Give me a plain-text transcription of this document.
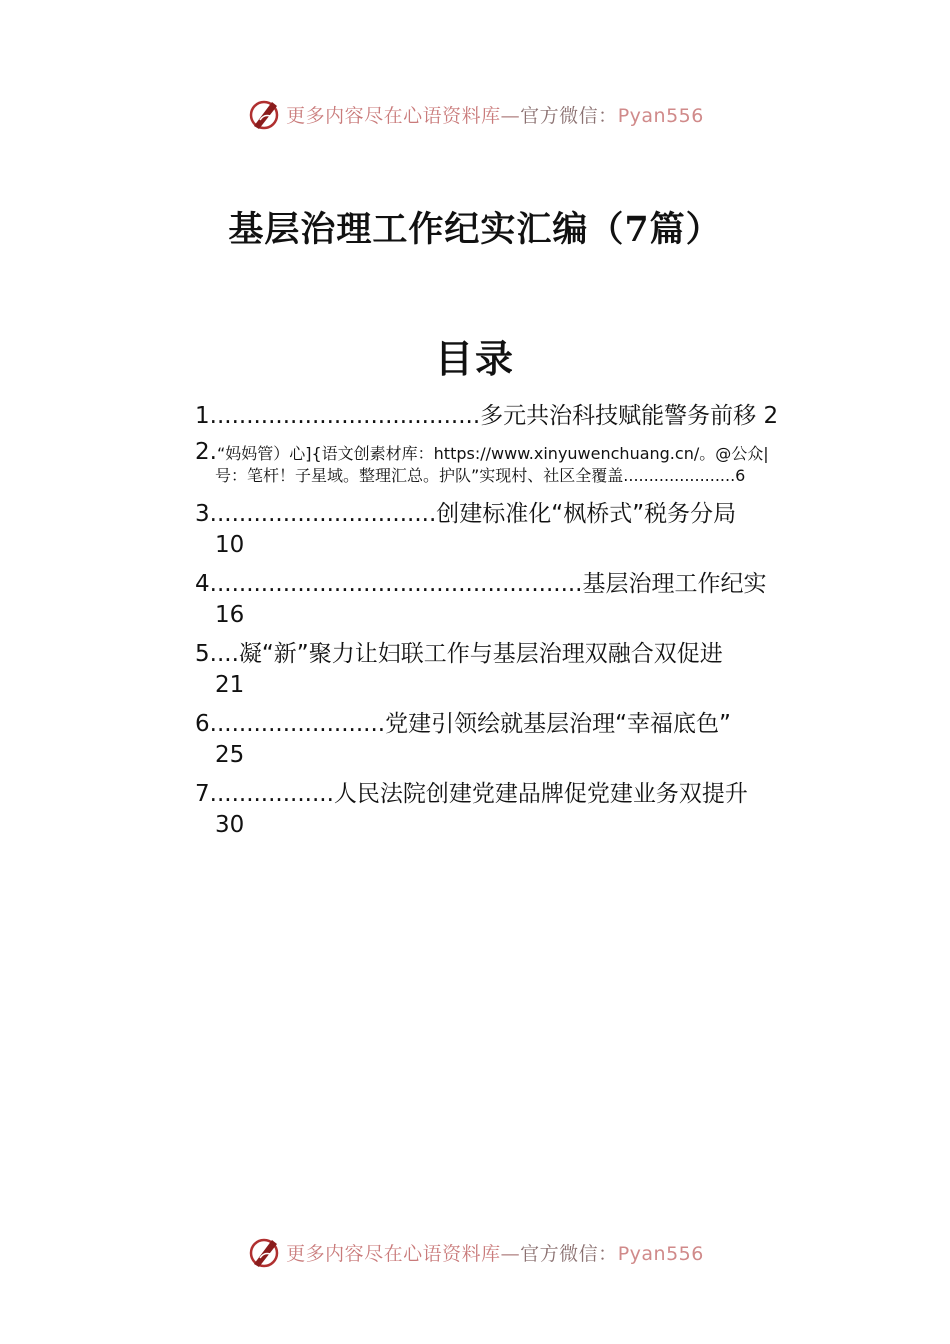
更多内容尽在心语资料库—官方微信：Pyan556
基层治理工作纪实汇编（7篇）
目录
1.....................................多元共治科技赋能警务前移 2
2.“妈妈管）心]{语文创素材库：https://www.xinyuwenchuang.cn/。@公众|
号：笔杆！子星域。整理汇总。护队”实现村、社区全覆盖......................6
3...............................创建标准化“枫桥式”税务分局
10
4...................................................基层治理工作纪实
16
5....凝“新”聚力让妇联工作与基层治理双融合双促进
21
6........................党建引领绘就基层治理“幸福底色”
25
7.................人民法院创建党建品牌促党建业务双提升
30
更多内容尽在心语资料库—官方微信：Pyan556
